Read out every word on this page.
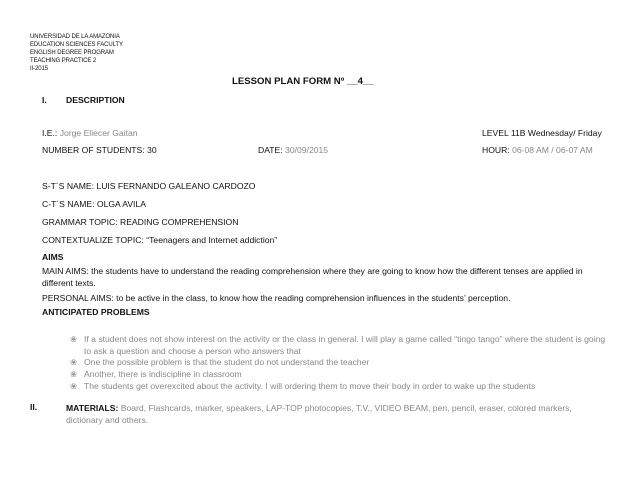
UNIVERSIDAD DE LA AMAZONIA
EDUCATION SCIENCES FACULTY
ENGLISH DEGREE PROGRAM
TEACHING PRACTICE 2
II-2015
LESSON PLAN FORM Nº __4__
I. DESCRIPTION
I.E.: Jorge Eliecer Gaitan	LEVEL 11B Wednesday/ Friday
NUMBER OF STUDENTS: 30	DATE: 30/09/2015	HOUR: 06-08 AM / 06-07 AM
S-T´S NAME: LUIS FERNANDO GALEANO CARDOZO
C-T´S NAME: OLGA AVILA
GRAMMAR TOPIC: READING COMPREHENSION
CONTEXTUALIZE TOPIC: “Teenagers and Internet addiction”
AIMS
MAIN AIMS: the students have to understand the reading comprehension where they are going to know how the different tenses are applied in different texts.
PERSONAL AIMS: to be active in the class, to know how the reading comprehension influences in the students’ perception.
ANTICIPATED PROBLEMS
❀ If a student does not show interest on the activity or the class in general. I will play a game called “tingo tango” where the student is going to ask a question and choose a person who answers that
❀ One the possible problem is that the student do not understand the teacher
❀ Another, there is indiscipline in classroom
❀ The students get overexcited about the activity. I will ordering them to move their body in order to wake up the students
II.	MATERIALS: Board, Flashcards, marker, speakers, LAP-TOP photocopies, T.V., VIDEO BEAM, pen, pencil, eraser, colored markers, dictionary and others.
